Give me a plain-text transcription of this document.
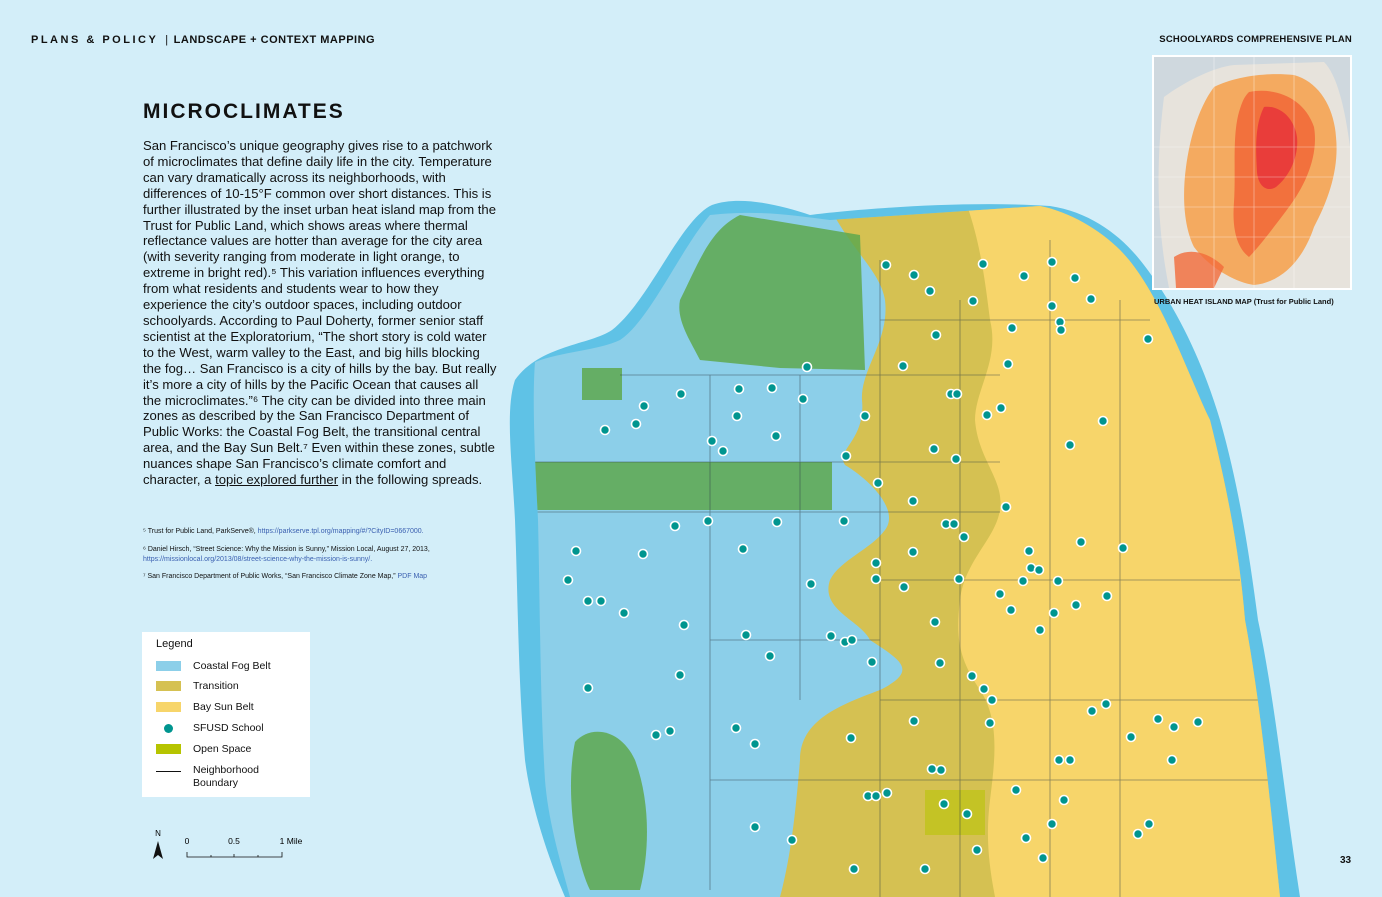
PLANS & POLICY | LANDSCAPE + CONTEXT MAPPING	SCHOOLYARDS COMPREHENSIVE PLAN
MICROCLIMATES

San Francisco’s unique geography gives rise to a patchwork of microclimates that define daily life in the city. Temperature can vary dramatically across its neighborhoods, with differences of 10-15°F common over short distances. This is further illustrated by the inset urban heat island map from the Trust for Public Land, which shows areas where thermal reflectance values are hotter than average for the city area (with severity ranging from moderate in light orange, to extreme in bright red).⁵ This variation influences everything from what residents and students wear to how they experience the city’s outdoor spaces, including outdoor schoolyards. According to Paul Doherty, former senior staff scientist at the Exploratorium, “The short story is cold water to the West, warm valley to the East, and big hills blocking the fog… San Francisco is a city of hills by the bay. But really it’s more a city of hills by the Pacific Ocean that causes all the microclimates.”⁶ The city can be divided into three main zones as described by the San Francisco Department of Public Works: the Coastal Fog Belt, the transitional central area, and the Bay Sun Belt.⁷ Even within these zones, subtle nuances shape San Francisco’s climate comfort and character, a topic explored further in the following spreads.

⁵ Trust for Public Land, ParkServe®, https://parkserve.tpl.org/mapping/#/?CityID=0667000.
⁶ Daniel Hirsch, “Street Science: Why the Mission is Sunny,” Mission Local, August 27, 2013, https://missionlocal.org/2013/08/street-science-why-the-mission-is-sunny/.
⁷ San Francisco Department of Public Works, “San Francisco Climate Zone Map,” PDF Map
URBAN HEAT ISLAND MAP (Trust for Public Land)
Legend
Coastal Fog Belt
Transition
Bay Sun Belt
SFUSD School
Open Space
Neighborhood Boundary
N
0	0.5	1 Mile
33
